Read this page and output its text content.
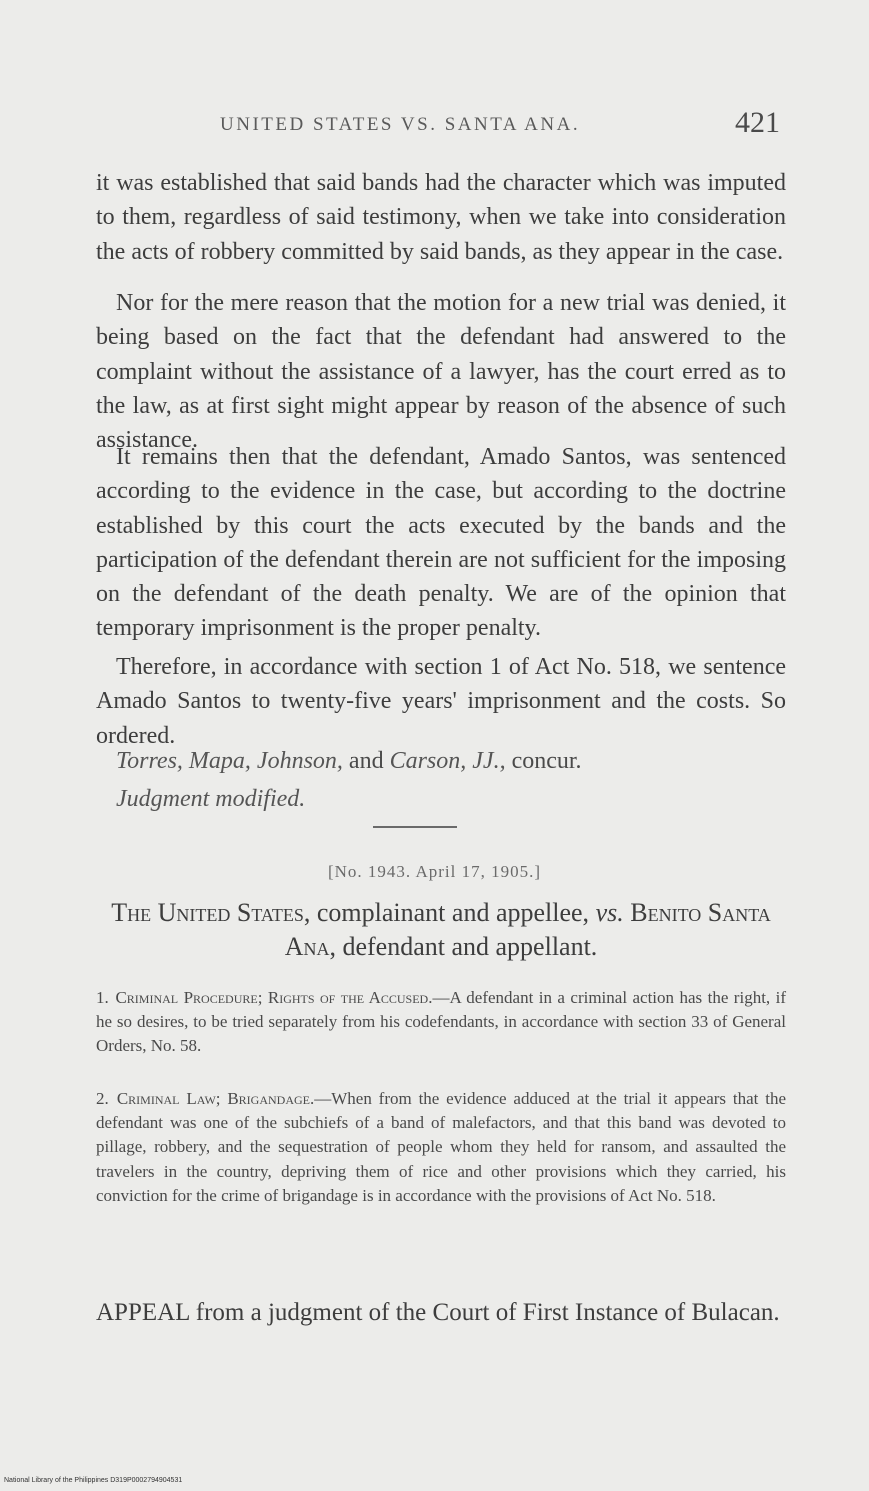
UNITED STATES VS. SANTA ANA.	421

it was established that said bands had the character which was imputed to them, regardless of said testimony, when we take into consideration the acts of robbery committed by said bands, as they appear in the case.

Nor for the mere reason that the motion for a new trial was denied, it being based on the fact that the defendant had answered to the complaint without the assistance of a lawyer, has the court erred as to the law, as at first sight might appear by reason of the absence of such assistance.

It remains then that the defendant, Amado Santos, was sentenced according to the evidence in the case, but according to the doctrine established by this court the acts executed by the bands and the participation of the defendant therein are not sufficient for the imposing on the defendant of the death penalty. We are of the opinion that temporary imprisonment is the proper penalty.

Therefore, in accordance with section 1 of Act No. 518, we sentence Amado Santos to twenty-five years' imprisonment and the costs. So ordered.

Torres, Mapa, Johnson, and Carson, JJ., concur.
Judgment modified.
[No. 1943. April 17, 1905.]
The United States, complainant and appellee, vs. Benito Santa Ana, defendant and appellant.
1. Criminal Procedure; Rights of the Accused.—A defendant in a criminal action has the right, if he so desires, to be tried separately from his codefendants, in accordance with section 33 of General Orders, No. 58.
2. Criminal Law; Brigandage.—When from the evidence adduced at the trial it appears that the defendant was one of the subchiefs of a band of malefactors, and that this band was devoted to pillage, robbery, and the sequestration of people whom they held for ransom, and assaulted the travelers in the country, depriving them of rice and other provisions which they carried, his conviction for the crime of brigandage is in accordance with the provisions of Act No. 518.
APPEAL from a judgment of the Court of First Instance of Bulacan.
National Library of the Philippines D319P0002794904531
